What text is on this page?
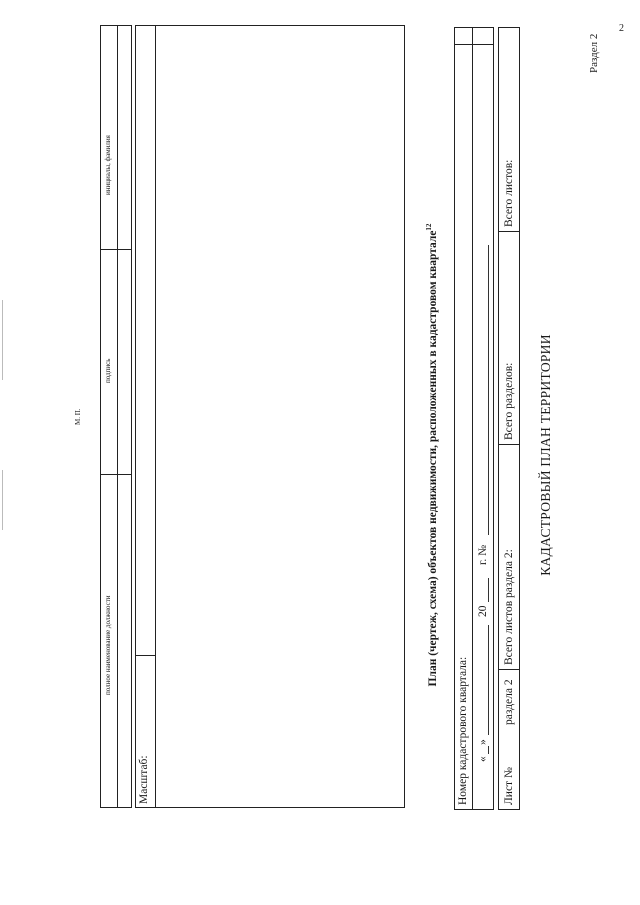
2
Раздел 2
КАДАСТРОВЫЙ ПЛАН ТЕРРИТОРИИ
Лист №
раздела 2
Всего листов раздела 2:
Всего разделов:
Всего листов:
«
»
20
г. №
Номер кадастрового квартала:
План (чертеж, схема) объектов недвижимости, расположенных в кадастровом квартале$^{12}$
Масштаб:
полное наименование должности
подпись
инициалы, фамилия
М. П.
